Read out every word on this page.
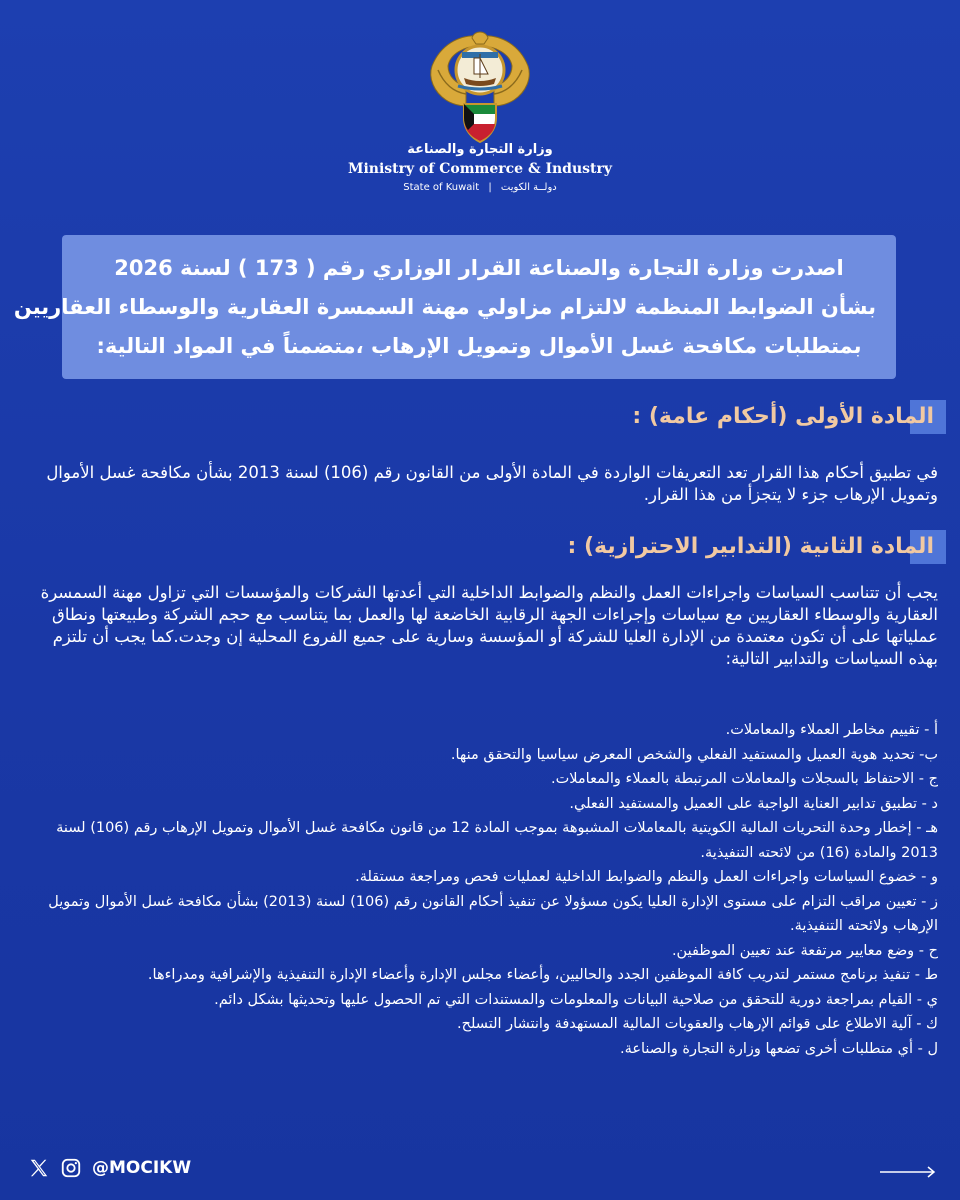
وزارة التجارة والصناعة
Ministry of Commerce & Industry
State of Kuwait | دولــة الكويت
اصدرت وزارة التجارة والصناعة القرار الوزاري رقم ( 173 ) لسنة 2026
بشأن الضوابط المنظمة لالتزام مزاولي مهنة السمسرة العقارية والوسطاء العقاريين
بمتطلبات مكافحة غسل الأموال وتمويل الإرهاب ،متضمناً في المواد التالية:
المادة الأولى (أحكام عامة) :
في تطبيق أحكام هذا القرار تعد التعريفات الواردة في المادة الأولى من القانون رقم (106) لسنة 2013 بشأن مكافحة غسل الأموال وتمويل الإرهاب جزء لا يتجزأ من هذا القرار.
المادة الثانية (التدابير الاحترازية) :
يجب أن تتناسب السياسات واجراءات العمل والنظم والضوابط الداخلية التي أعدتها الشركات والمؤسسات التي تزاول مهنة السمسرة العقارية والوسطاء العقاريين مع سياسات وإجراءات الجهة الرقابية الخاضعة لها والعمل بما يتناسب مع حجم الشركة وطبيعتها ونطاق عملياتها على أن تكون معتمدة من الإدارة العليا للشركة أو المؤسسة وسارية على جميع الفروع المحلية إن وجدت.كما يجب أن تلتزم بهذه السياسات والتدابير التالية:
أ - تقييم مخاطر العملاء والمعاملات.
ب- تحديد هوية العميل والمستفيد الفعلي والشخص المعرض سياسيا والتحقق منها.
ج - الاحتفاظ بالسجلات والمعاملات المرتبطة بالعملاء والمعاملات.
د - تطبيق تدابير العناية الواجبة على العميل والمستفيد الفعلي.
هـ - إخطار وحدة التحريات المالية الكويتية بالمعاملات المشبوهة بموجب المادة 12 من قانون مكافحة غسل الأموال وتمويل الإرهاب رقم (106) لسنة 2013 والمادة (16) من لائحته التنفيذية.
و - خضوع السياسات واجراءات العمل والنظم والضوابط الداخلية لعمليات فحص ومراجعة مستقلة.
ز - تعيين مراقب التزام على مستوى الإدارة العليا يكون مسؤولا عن تنفيذ أحكام القانون رقم (106) لسنة (2013) بشأن مكافحة غسل الأموال وتمويل الإرهاب ولائحته التنفيذية.
ح - وضع معايير مرتفعة عند تعيين الموظفين.
ط - تنفيذ برنامج مستمر لتدريب كافة الموظفين الجدد والحاليين، وأعضاء مجلس الإدارة وأعضاء الإدارة التنفيذية والإشرافية ومدراءها.
ي - القيام بمراجعة دورية للتحقق من صلاحية البيانات والمعلومات والمستندات التي تم الحصول عليها وتحديثها بشكل دائم.
ك - آلية الاطلاع على قوائم الإرهاب والعقوبات المالية المستهدفة وانتشار التسلح.
ل - أي متطلبات أخرى تضعها وزارة التجارة والصناعة.
@MOCIKW
